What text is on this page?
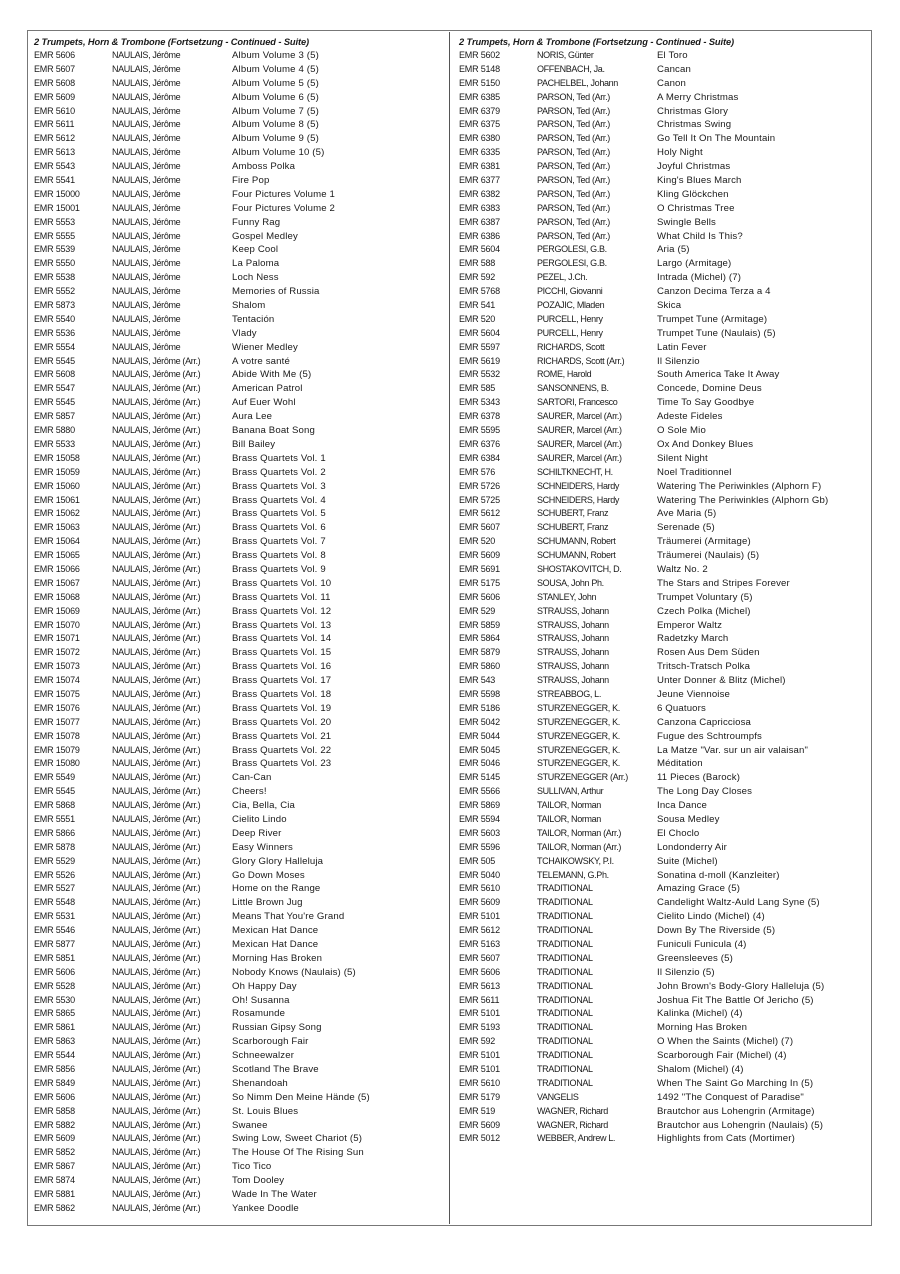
2 Trumpets, Horn & Trombone (Fortsetzung - Continued - Suite)
EMR 5606	NAULAIS, Jérôme	Album Volume 3 (5)
EMR 5607	NAULAIS, Jérôme	Album Volume 4 (5)
EMR 5608	NAULAIS, Jérôme	Album Volume 5 (5)
EMR 5609	NAULAIS, Jérôme	Album Volume 6 (5)
EMR 5610	NAULAIS, Jérôme	Album Volume 7 (5)
EMR 5611	NAULAIS, Jérôme	Album Volume 8 (5)
EMR 5612	NAULAIS, Jérôme	Album Volume 9 (5)
EMR 5613	NAULAIS, Jérôme	Album Volume 10 (5)
EMR 5543	NAULAIS, Jérôme	Amboss Polka
EMR 5541	NAULAIS, Jérôme	Fire Pop
EMR 15000	NAULAIS, Jérôme	Four Pictures Volume 1
EMR 15001	NAULAIS, Jérôme	Four Pictures Volume 2
EMR 5553	NAULAIS, Jérôme	Funny Rag
EMR 5555	NAULAIS, Jérôme	Gospel Medley
EMR 5539	NAULAIS, Jérôme	Keep Cool
EMR 5550	NAULAIS, Jérôme	La Paloma
EMR 5538	NAULAIS, Jérôme	Loch Ness
EMR 5552	NAULAIS, Jérôme	Memories of Russia
EMR 5873	NAULAIS, Jérôme	Shalom
EMR 5540	NAULAIS, Jérôme	Tentación
EMR 5536	NAULAIS, Jérôme	Vlady
EMR 5554	NAULAIS, Jérôme	Wiener Medley
EMR 5545	NAULAIS, Jérôme (Arr.)	A votre santé
EMR 5608	NAULAIS, Jérôme (Arr.)	Abide With Me (5)
EMR 5547	NAULAIS, Jérôme (Arr.)	American Patrol
EMR 5545	NAULAIS, Jérôme (Arr.)	Auf Euer Wohl
EMR 5857	NAULAIS, Jérôme (Arr.)	Aura Lee
EMR 5880	NAULAIS, Jérôme (Arr.)	Banana Boat Song
EMR 5533	NAULAIS, Jérôme (Arr.)	Bill Bailey
EMR 15058	NAULAIS, Jérôme (Arr.)	Brass Quartets Vol. 1
EMR 15059	NAULAIS, Jérôme (Arr.)	Brass Quartets Vol. 2
EMR 15060	NAULAIS, Jérôme (Arr.)	Brass Quartets Vol. 3
EMR 15061	NAULAIS, Jérôme (Arr.)	Brass Quartets Vol. 4
EMR 15062	NAULAIS, Jérôme (Arr.)	Brass Quartets Vol. 5
EMR 15063	NAULAIS, Jérôme (Arr.)	Brass Quartets Vol. 6
EMR 15064	NAULAIS, Jérôme (Arr.)	Brass Quartets Vol. 7
EMR 15065	NAULAIS, Jérôme (Arr.)	Brass Quartets Vol. 8
EMR 15066	NAULAIS, Jérôme (Arr.)	Brass Quartets Vol. 9
EMR 15067	NAULAIS, Jérôme (Arr.)	Brass Quartets Vol. 10
EMR 15068	NAULAIS, Jérôme (Arr.)	Brass Quartets Vol. 11
EMR 15069	NAULAIS, Jérôme (Arr.)	Brass Quartets Vol. 12
EMR 15070	NAULAIS, Jérôme (Arr.)	Brass Quartets Vol. 13
EMR 15071	NAULAIS, Jérôme (Arr.)	Brass Quartets Vol. 14
EMR 15072	NAULAIS, Jérôme (Arr.)	Brass Quartets Vol. 15
EMR 15073	NAULAIS, Jérôme (Arr.)	Brass Quartets Vol. 16
EMR 15074	NAULAIS, Jérôme (Arr.)	Brass Quartets Vol. 17
EMR 15075	NAULAIS, Jérôme (Arr.)	Brass Quartets Vol. 18
EMR 15076	NAULAIS, Jérôme (Arr.)	Brass Quartets Vol. 19
EMR 15077	NAULAIS, Jérôme (Arr.)	Brass Quartets Vol. 20
EMR 15078	NAULAIS, Jérôme (Arr.)	Brass Quartets Vol. 21
EMR 15079	NAULAIS, Jérôme (Arr.)	Brass Quartets Vol. 22
EMR 15080	NAULAIS, Jérôme (Arr.)	Brass Quartets Vol. 23
EMR 5549	NAULAIS, Jérôme (Arr.)	Can-Can
EMR 5545	NAULAIS, Jérôme (Arr.)	Cheers!
EMR 5868	NAULAIS, Jérôme (Arr.)	Cia, Bella, Cia
EMR 5551	NAULAIS, Jérôme (Arr.)	Cielito Lindo
EMR 5866	NAULAIS, Jérôme (Arr.)	Deep River
EMR 5878	NAULAIS, Jérôme (Arr.)	Easy Winners
EMR 5529	NAULAIS, Jérôme (Arr.)	Glory Glory Halleluja
EMR 5526	NAULAIS, Jérôme (Arr.)	Go Down Moses
EMR 5527	NAULAIS, Jérôme (Arr.)	Home on the Range
EMR 5548	NAULAIS, Jérôme (Arr.)	Little Brown Jug
EMR 5531	NAULAIS, Jérôme (Arr.)	Means That You're Grand
EMR 5546	NAULAIS, Jérôme (Arr.)	Mexican Hat Dance
EMR 5877	NAULAIS, Jérôme (Arr.)	Mexican Hat Dance
EMR 5851	NAULAIS, Jérôme (Arr.)	Morning Has Broken
EMR 5606	NAULAIS, Jérôme (Arr.)	Nobody Knows (Naulais) (5)
EMR 5528	NAULAIS, Jérôme (Arr.)	Oh Happy Day
EMR 5530	NAULAIS, Jérôme (Arr.)	Oh! Susanna
EMR 5865	NAULAIS, Jérôme (Arr.)	Rosamunde
EMR 5861	NAULAIS, Jérôme (Arr.)	Russian Gipsy Song
EMR 5863	NAULAIS, Jérôme (Arr.)	Scarborough Fair
EMR 5544	NAULAIS, Jérôme (Arr.)	Schneewalzer
EMR 5856	NAULAIS, Jérôme (Arr.)	Scotland The Brave
EMR 5849	NAULAIS, Jérôme (Arr.)	Shenandoah
EMR 5606	NAULAIS, Jérôme (Arr.)	So Nimm Den Meine Hände (5)
EMR 5858	NAULAIS, Jérôme (Arr.)	St. Louis Blues
EMR 5882	NAULAIS, Jérôme (Arr.)	Swanee
EMR 5609	NAULAIS, Jérôme (Arr.)	Swing Low, Sweet Chariot (5)
EMR 5852	NAULAIS, Jérôme (Arr.)	The House Of The Rising Sun
EMR 5867	NAULAIS, Jérôme (Arr.)	Tico Tico
EMR 5874	NAULAIS, Jérôme (Arr.)	Tom Dooley
EMR 5881	NAULAIS, Jérôme (Arr.)	Wade In The Water
EMR 5862	NAULAIS, Jérôme (Arr.)	Yankee Doodle
2 Trumpets, Horn & Trombone (Fortsetzung - Continued - Suite)
EMR 5602	NORIS, Günter	El Toro
EMR 5148	OFFENBACH, Ja.	Cancan
EMR 5150	PACHELBEL, Johann	Canon
EMR 6385	PARSON, Ted (Arr.)	A Merry Christmas
EMR 6379	PARSON, Ted (Arr.)	Christmas Glory
EMR 6375	PARSON, Ted (Arr.)	Christmas Swing
EMR 6380	PARSON, Ted (Arr.)	Go Tell It On The Mountain
EMR 6335	PARSON, Ted (Arr.)	Holy Night
EMR 6381	PARSON, Ted (Arr.)	Joyful Christmas
EMR 6377	PARSON, Ted (Arr.)	King's Blues March
EMR 6382	PARSON, Ted (Arr.)	Kling Glöckchen
EMR 6383	PARSON, Ted (Arr.)	O Christmas Tree
EMR 6387	PARSON, Ted (Arr.)	Swingle Bells
EMR 6386	PARSON, Ted (Arr.)	What Child Is This?
EMR 5604	PERGOLESI, G.B.	Aria (5)
EMR 588	PERGOLESI, G.B.	Largo (Armitage)
EMR 592	PEZEL, J.Ch.	Intrada (Michel) (7)
EMR 5768	PICCHI, Giovanni	Canzon Decima Terza a 4
EMR 541	POZAJIC, Mladen	Skica
EMR 520	PURCELL, Henry	Trumpet Tune (Armitage)
EMR 5604	PURCELL, Henry	Trumpet Tune (Naulais) (5)
EMR 5597	RICHARDS, Scott	Latin Fever
EMR 5619	RICHARDS, Scott (Arr.)	Il Silenzio
EMR 5532	ROME, Harold	South America Take It Away
EMR 585	SANSONNENS, B.	Concede, Domine Deus
EMR 5343	SARTORI, Francesco	Time To Say Goodbye
EMR 6378	SAURER, Marcel (Arr.)	Adeste Fideles
EMR 5595	SAURER, Marcel (Arr.)	O Sole Mio
EMR 6376	SAURER, Marcel (Arr.)	Ox And Donkey Blues
EMR 6384	SAURER, Marcel (Arr.)	Silent Night
EMR 576	SCHILTKNECHT, H.	Noel Traditionnel
EMR 5726	SCHNEIDERS, Hardy	Watering The Periwinkles (Alphorn F)
EMR 5725	SCHNEIDERS, Hardy	Watering The Periwinkles (Alphorn Gb)
EMR 5612	SCHUBERT, Franz	Ave Maria (5)
EMR 5607	SCHUBERT, Franz	Serenade (5)
EMR 520	SCHUMANN, Robert	Träumerei (Armitage)
EMR 5609	SCHUMANN, Robert	Träumerei (Naulais) (5)
EMR 5691	SHOSTAKOVITCH, D.	Waltz No. 2
EMR 5175	SOUSA, John Ph.	The Stars and Stripes Forever
EMR 5606	STANLEY, John	Trumpet Voluntary (5)
EMR 529	STRAUSS, Johann	Czech Polka (Michel)
EMR 5859	STRAUSS, Johann	Emperor Waltz
EMR 5864	STRAUSS, Johann	Radetzky March
EMR 5879	STRAUSS, Johann	Rosen Aus Dem Süden
EMR 5860	STRAUSS, Johann	Tritsch-Tratsch Polka
EMR 543	STRAUSS, Johann	Unter Donner & Blitz (Michel)
EMR 5598	STREABBOG, L.	Jeune Viennoise
EMR 5186	STURZENEGGER, K.	6 Quatuors
EMR 5042	STURZENEGGER, K.	Canzona Capricciosa
EMR 5044	STURZENEGGER, K.	Fugue des Schtroumpfs
EMR 5045	STURZENEGGER, K.	La Matze "Var. sur un air valaisan"
EMR 5046	STURZENEGGER, K.	Méditation
EMR 5145	STURZENEGGER (Arr.)	11 Pieces (Barock)
EMR 5566	SULLIVAN, Arthur	The Long Day Closes
EMR 5869	TAILOR, Norman	Inca Dance
EMR 5594	TAILOR, Norman	Sousa Medley
EMR 5603	TAILOR, Norman (Arr.)	El Choclo
EMR 5596	TAILOR, Norman (Arr.)	Londonderry Air
EMR 505	TCHAIKOWSKY, P.I.	Suite (Michel)
EMR 5040	TELEMANN, G.Ph.	Sonatina d-moll (Kanzleiter)
EMR 5610	TRADITIONAL	Amazing Grace (5)
EMR 5609	TRADITIONAL	Candelight Waltz-Auld Lang Syne (5)
EMR 5101	TRADITIONAL	Cielito Lindo (Michel) (4)
EMR 5612	TRADITIONAL	Down By The Riverside (5)
EMR 5163	TRADITIONAL	Funiculi Funicula (4)
EMR 5607	TRADITIONAL	Greensleeves (5)
EMR 5606	TRADITIONAL	Il Silenzio (5)
EMR 5613	TRADITIONAL	John Brown's Body-Glory Halleluja (5)
EMR 5611	TRADITIONAL	Joshua Fit The Battle Of Jericho (5)
EMR 5101	TRADITIONAL	Kalinka (Michel) (4)
EMR 5193	TRADITIONAL	Morning Has Broken
EMR 592	TRADITIONAL	O When the Saints (Michel) (7)
EMR 5101	TRADITIONAL	Scarborough Fair (Michel) (4)
EMR 5101	TRADITIONAL	Shalom (Michel) (4)
EMR 5610	TRADITIONAL	When The Saint Go Marching In (5)
EMR 5179	VANGELIS	1492 "The Conquest of Paradise"
EMR 519	WAGNER, Richard	Brautchor aus Lohengrin (Armitage)
EMR 5609	WAGNER, Richard	Brautchor aus Lohengrin (Naulais) (5)
EMR 5012	WEBBER, Andrew L.	Highlights from Cats (Mortimer)
